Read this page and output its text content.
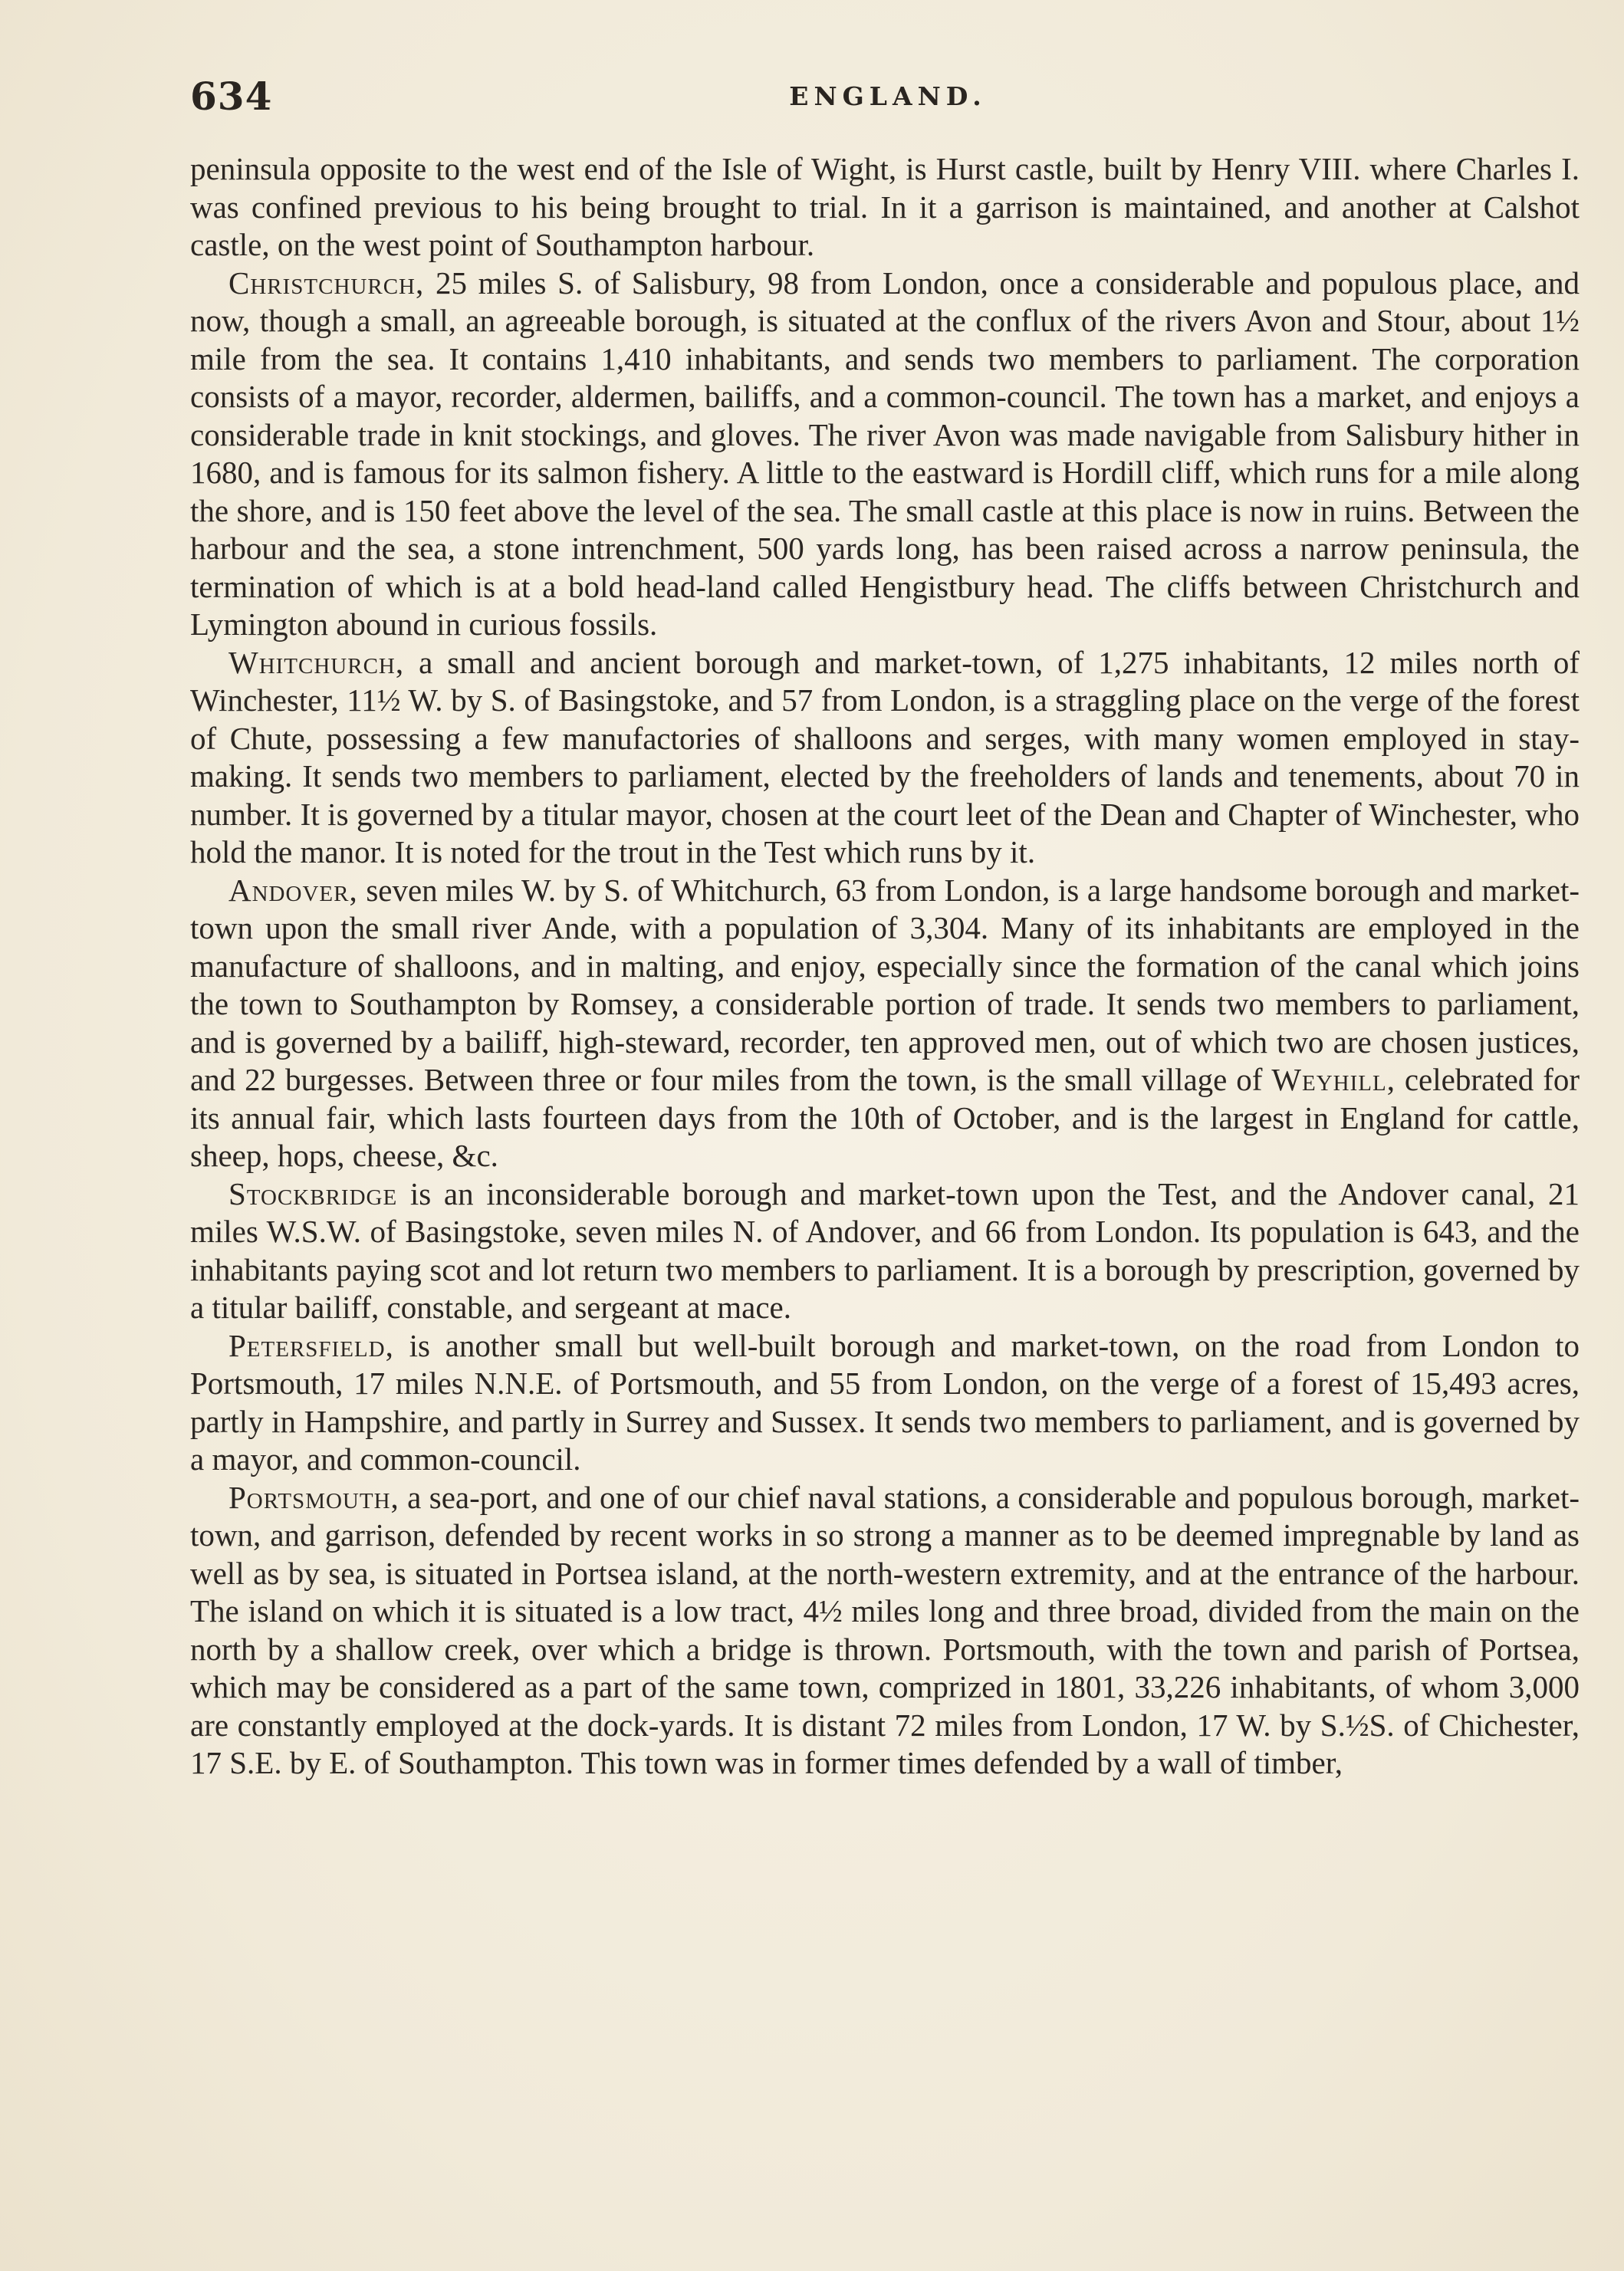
634	ENGLAND.

peninsula opposite to the west end of the Isle of Wight, is Hurst castle, built by Henry VIII. where Charles I. was confined previous to his being brought to trial. In it a garrison is maintained, and another at Calshot castle, on the west point of Southampton harbour.

Christchurch, 25 miles S. of Salisbury, 98 from London, once a considerable and populous place, and now, though a small, an agreeable borough, is situated at the conflux of the rivers Avon and Stour, about 1½ mile from the sea. It contains 1,410 inhabitants, and sends two members to parliament. The corporation consists of a mayor, recorder, aldermen, bailiffs, and a common-council. The town has a market, and enjoys a considerable trade in knit stockings, and gloves. The river Avon was made navigable from Salisbury hither in 1680, and is famous for its salmon fishery. A little to the eastward is Hordill cliff, which runs for a mile along the shore, and is 150 feet above the level of the sea. The small castle at this place is now in ruins. Between the harbour and the sea, a stone intrenchment, 500 yards long, has been raised across a narrow peninsula, the termination of which is at a bold head-land called Hengistbury head. The cliffs between Christchurch and Lymington abound in curious fossils.

Whitchurch, a small and ancient borough and market-town, of 1,275 inhabitants, 12 miles north of Winchester, 11½ W. by S. of Basingstoke, and 57 from London, is a straggling place on the verge of the forest of Chute, possessing a few manufactories of shalloons and serges, with many women employed in stay-making. It sends two members to parliament, elected by the freeholders of lands and tenements, about 70 in number. It is governed by a titular mayor, chosen at the court leet of the Dean and Chapter of Winchester, who hold the manor. It is noted for the trout in the Test which runs by it.

Andover, seven miles W. by S. of Whitchurch, 63 from London, is a large handsome borough and market-town upon the small river Ande, with a population of 3,304. Many of its inhabitants are employed in the manufacture of shalloons, and in malting, and enjoy, especially since the formation of the canal which joins the town to Southampton by Romsey, a considerable portion of trade. It sends two members to parliament, and is governed by a bailiff, high-steward, recorder, ten approved men, out of which two are chosen justices, and 22 burgesses. Between three or four miles from the town, is the small village of Weyhill, celebrated for its annual fair, which lasts fourteen days from the 10th of October, and is the largest in England for cattle, sheep, hops, cheese, &c.

Stockbridge is an inconsiderable borough and market-town upon the Test, and the Andover canal, 21 miles W.S.W. of Basingstoke, seven miles N. of Andover, and 66 from London. Its population is 643, and the inhabitants paying scot and lot return two members to parliament. It is a borough by prescription, governed by a titular bailiff, constable, and sergeant at mace.

Petersfield, is another small but well-built borough and market-town, on the road from London to Portsmouth, 17 miles N.N.E. of Portsmouth, and 55 from London, on the verge of a forest of 15,493 acres, partly in Hampshire, and partly in Surrey and Sussex. It sends two members to parliament, and is governed by a mayor, and common-council.

Portsmouth, a sea-port, and one of our chief naval stations, a considerable and populous borough, market-town, and garrison, defended by recent works in so strong a manner as to be deemed impregnable by land as well as by sea, is situated in Portsea island, at the north-western extremity, and at the entrance of the harbour. The island on which it is situated is a low tract, 4½ miles long and three broad, divided from the main on the north by a shallow creek, over which a bridge is thrown. Portsmouth, with the town and parish of Portsea, which may be considered as a part of the same town, comprized in 1801, 33,226 inhabitants, of whom 3,000 are constantly employed at the dock-yards. It is distant 72 miles from London, 17 W. by S.½S. of Chichester, 17 S.E. by E. of Southampton. This town was in former times defended by a wall of timber,
